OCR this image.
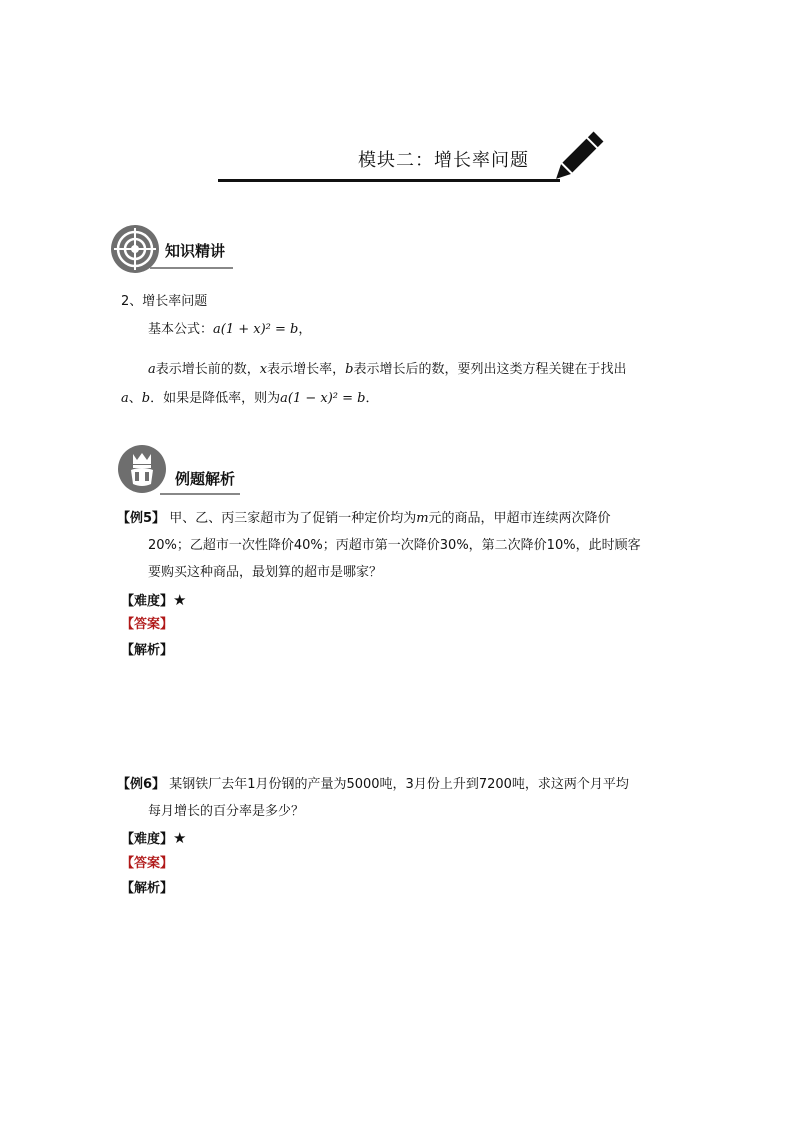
模块二：增长率问题
知识精讲
2、增长率问题
基本公式：a(1 + x)² = b，
a表示增长前的数，x表示增长率，b表示增长后的数，要列出这类方程关键在于找出
a、b．如果是降低率，则为a(1 − x)² = b．
例题解析
【例5】 甲、乙、丙三家超市为了促销一种定价均为m元的商品，甲超市连续两次降价
20%；乙超市一次性降价40%；丙超市第一次降价30%，第二次降价10%，此时顾客
要购买这种商品，最划算的超市是哪家？
【难度】★
【答案】
【解析】
【例6】 某钢铁厂去年1月份钢的产量为5000吨，3月份上升到7200吨，求这两个月平均
每月增长的百分率是多少？
【难度】★
【答案】
【解析】
